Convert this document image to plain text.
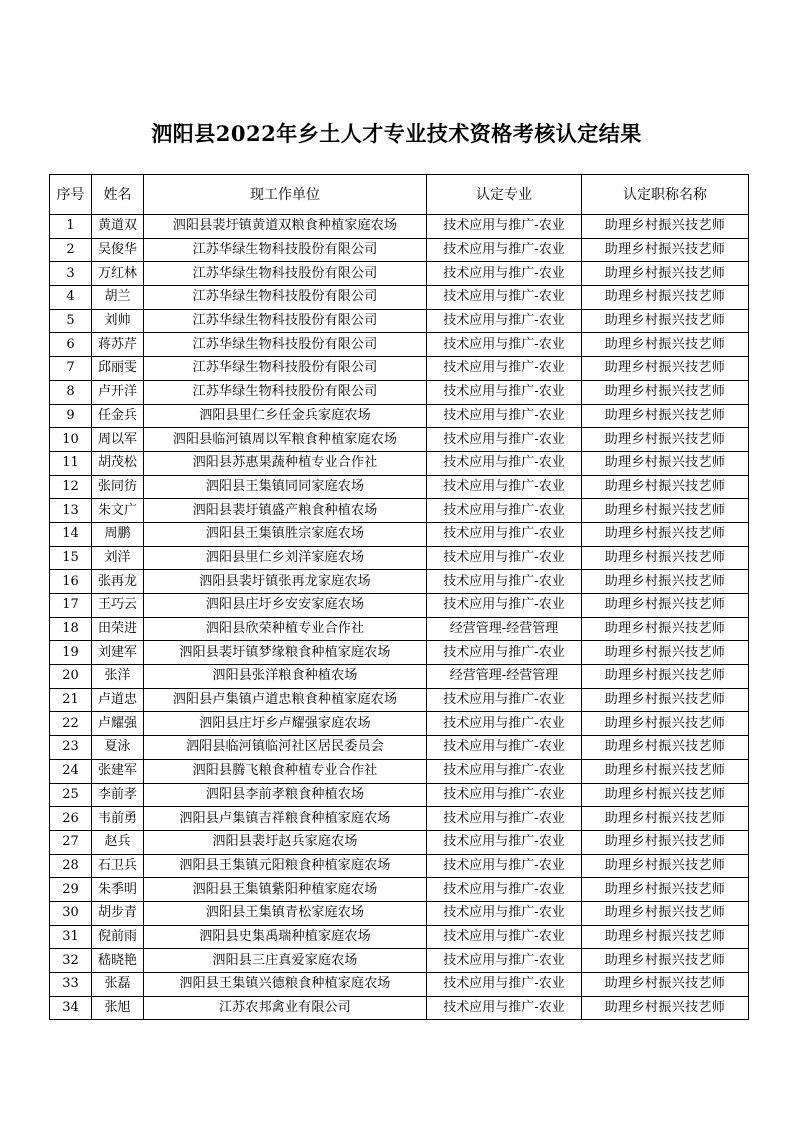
泗阳县2022年乡土人才专业技术资格考核认定结果
序号	姓名	现工作单位	认定专业	认定职称名称
1	黄道双	泗阳县裴圩镇黄道双粮食种植家庭农场	技术应用与推广-农业	助理乡村振兴技艺师
2	吴俊华	江苏华绿生物科技股份有限公司	技术应用与推广-农业	助理乡村振兴技艺师
3	万红林	江苏华绿生物科技股份有限公司	技术应用与推广-农业	助理乡村振兴技艺师
4	胡兰	江苏华绿生物科技股份有限公司	技术应用与推广-农业	助理乡村振兴技艺师
5	刘帅	江苏华绿生物科技股份有限公司	技术应用与推广-农业	助理乡村振兴技艺师
6	蒋苏芹	江苏华绿生物科技股份有限公司	技术应用与推广-农业	助理乡村振兴技艺师
7	邱丽雯	江苏华绿生物科技股份有限公司	技术应用与推广-农业	助理乡村振兴技艺师
8	卢开洋	江苏华绿生物科技股份有限公司	技术应用与推广-农业	助理乡村振兴技艺师
9	任金兵	泗阳县里仁乡任金兵家庭农场	技术应用与推广-农业	助理乡村振兴技艺师
10	周以军	泗阳县临河镇周以军粮食种植家庭农场	技术应用与推广-农业	助理乡村振兴技艺师
11	胡茂松	泗阳县苏惠果蔬种植专业合作社	技术应用与推广-农业	助理乡村振兴技艺师
12	张同彷	泗阳县王集镇同同家庭农场	技术应用与推广-农业	助理乡村振兴技艺师
13	朱文广	泗阳县裴圩镇盛产粮食种植农场	技术应用与推广-农业	助理乡村振兴技艺师
14	周鹏	泗阳县王集镇胜宗家庭农场	技术应用与推广-农业	助理乡村振兴技艺师
15	刘洋	泗阳县里仁乡刘洋家庭农场	技术应用与推广-农业	助理乡村振兴技艺师
16	张再龙	泗阳县裴圩镇张再龙家庭农场	技术应用与推广-农业	助理乡村振兴技艺师
17	王巧云	泗阳县庄圩乡安安家庭农场	技术应用与推广-农业	助理乡村振兴技艺师
18	田荣进	泗阳县欣荣种植专业合作社	经营管理-经营管理	助理乡村振兴技艺师
19	刘建军	泗阳县裴圩镇梦缘粮食种植家庭农场	技术应用与推广-农业	助理乡村振兴技艺师
20	张洋	泗阳县张洋粮食种植农场	经营管理-经营管理	助理乡村振兴技艺师
21	卢道忠	泗阳县卢集镇卢道忠粮食种植家庭农场	技术应用与推广-农业	助理乡村振兴技艺师
22	卢耀强	泗阳县庄圩乡卢耀强家庭农场	技术应用与推广-农业	助理乡村振兴技艺师
23	夏泳	泗阳县临河镇临河社区居民委员会	技术应用与推广-农业	助理乡村振兴技艺师
24	张建军	泗阳县腾飞粮食种植专业合作社	技术应用与推广-农业	助理乡村振兴技艺师
25	李前孝	泗阳县李前孝粮食种植农场	技术应用与推广-农业	助理乡村振兴技艺师
26	韦前勇	泗阳县卢集镇吉祥粮食种植家庭农场	技术应用与推广-农业	助理乡村振兴技艺师
27	赵兵	泗阳县裴圩赵兵家庭农场	技术应用与推广-农业	助理乡村振兴技艺师
28	石卫兵	泗阳县王集镇元阳粮食种植家庭农场	技术应用与推广-农业	助理乡村振兴技艺师
29	朱季明	泗阳县王集镇紫阳种植家庭农场	技术应用与推广-农业	助理乡村振兴技艺师
30	胡步青	泗阳县王集镇青松家庭农场	技术应用与推广-农业	助理乡村振兴技艺师
31	倪前雨	泗阳县史集禹瑞种植家庭农场	技术应用与推广-农业	助理乡村振兴技艺师
32	嵇晓艳	泗阳县三庄真爱家庭农场	技术应用与推广-农业	助理乡村振兴技艺师
33	张磊	泗阳县王集镇兴德粮食种植家庭农场	技术应用与推广-农业	助理乡村振兴技艺师
34	张旭	江苏农邦禽业有限公司	技术应用与推广-农业	助理乡村振兴技艺师
